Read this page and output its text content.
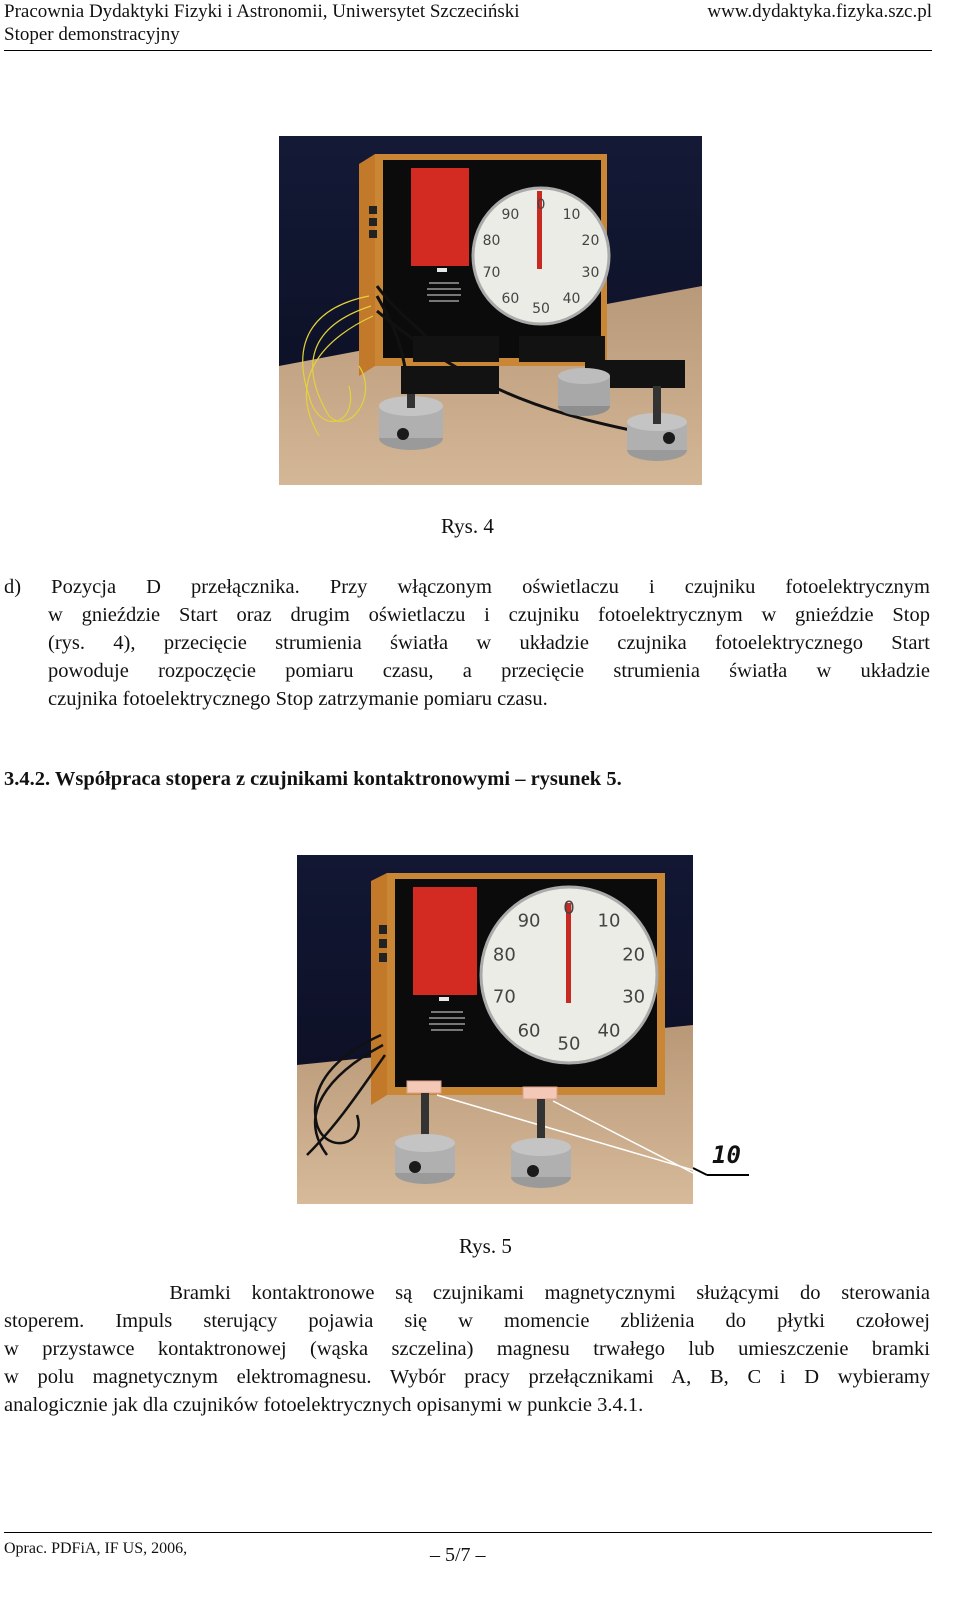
Pracownia Dydaktyki Fizyki i Astronomii, Uniwersytet Szczeciński
Stoper demonstracyjny
www.dydaktyka.fizyka.szc.pl
0
10
20
30
40
50
60
70
80
90
Rys. 4
d) Pozycja D przełącznika. Przy włączonym oświetlaczu i czujniku fotoelektrycznym
w gnieździe Start oraz drugim oświetlaczu i czujniku fotoelektrycznym w gnieździe Stop
(rys. 4), przecięcie strumienia światła w układzie czujnika fotoelektrycznego Start
powoduje rozpoczęcie pomiaru czasu, a przecięcie strumienia światła w układzie
czujnika fotoelektrycznego Stop zatrzymanie pomiaru czasu.
3.4.2. Współpraca stopera z czujnikami kontaktronowymi – rysunek 5.
0
10
20
30
40
50
60
70
80
90
10
Rys. 5
Bramki kontaktronowe są czujnikami magnetycznymi służącymi do sterowania
stoperem. Impuls sterujący pojawia się w momencie zbliżenia do płytki czołowej
w przystawce kontaktronowej (wąska szczelina) magnesu trwałego lub umieszczenie bramki
w polu magnetycznym elektromagnesu. Wybór pracy przełącznikami A, B, C i D wybieramy
analogicznie jak dla czujników fotoelektrycznych opisanymi w punkcie 3.4.1.
Oprac. PDFiA, IF US, 2006,	– 5/7 –
